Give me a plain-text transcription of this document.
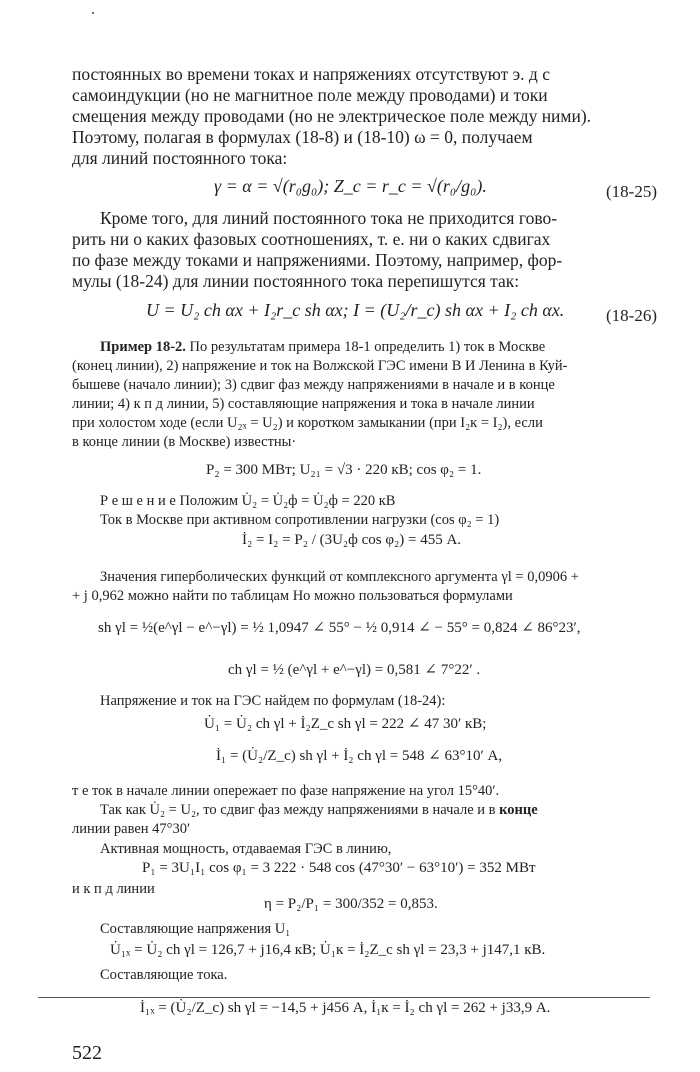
постоянных во времени токах и напряжениях отсутствуют э. д с

самоиндукции (но не магнитное поле между проводами) и токи

смещения между проводами (но не электрическое поле между ними).

Поэтому, полагая в формулах (18-8) и (18-10) ω = 0, получаем

для линий постоянного тока:

γ = α = √(r₀g₀); Z_c = r_c = √(r₀/g₀).	(18-25)

Кроме того, для линий постоянного тока не приходится гово-

рить ни о каких фазовых соотношениях, т. е. ни о каких сдвигах

по фазе между токами и напряжениями. Поэтому, например, фор-

мулы (18-24) для линии постоянного тока перепишутся так:

U = U₂ ch αx + I₂r_c sh αx; I = (U₂/r_c) sh αx + I₂ ch αx. (18-26)

Пример 18-2. По результатам примера 18-1 определить 1) ток в Москве

(конец линии), 2) напряжение и ток на Волжской ГЭС имени В И Ленина в Куй-

бышеве (начало линии); 3) сдвиг фаз между напряжениями в начале и в конце

линии; 4) к п д линии, 5) составляющие напряжения и тока в начале линии

при холостом ходе (если U₂ₓ = U₂) и коротком замыкании (при I₂к = I₂), если

в конце линии (в Москве) известны·

P₂ = 300 МВт; U₂₁ = √3 · 220 кВ; cos φ₂ = 1.

Р е ш е н и е Положим U̇₂ = U̇₂ф = U̇₂ф = 220 кВ

Ток в Москве при активном сопротивлении нагрузки (cos φ₂ = 1)

İ₂ = I₂ = P₂ / (3U₂ф cos φ₂) = 455 А.

Значения гиперболических функций от комплексного аргумента γl = 0,0906 +

+ j 0,962 можно найти по таблицам Но можно пользоваться формулами

sh γl = ½(e^γl − e^−γl) = ½ 1,0947 ∠ 55° − ½ 0,914 ∠ − 55° = 0,824 ∠ 86°23′,
ch γl = ½ (e^γl + e^−γl) = 0,581 ∠ 7°22′ .

Напряжение и ток на ГЭС найдем по формулам (18-24):

U̇₁ = U̇₂ ch γl + İ₂Z_c sh γl = 222 ∠ 47 30′ кВ;
İ₁ = (U̇₂/Z_c) sh γl + İ₂ ch γl = 548 ∠ 63°10′ А,

т е ток в начале линии опережает по фазе напряжение на угол 15°40′.

Так как U̇₂ = U₂, то сдвиг фаз между напряжениями в начале и в конце

линии равен 47°30′

Активная мощность, отдаваемая ГЭС в линию,

P₁ = 3U₁I₁ cos φ₁ = 3 222 · 548 cos (47°30′ − 63°10′) = 352 МВт

и к п д линии

η = P₂/P₁ = 300/352 = 0,853.

Составляющие напряжения U₁

U̇₁ₓ = U̇₂ ch γl = 126,7 + j16,4 кВ; U̇₁к = İ₂Z_c sh γl = 23,3 + j147,1 кВ.

Составляющие тока.

İ₁ₓ = (U̇₂/Z_c) sh γl = −14,5 + j456 А, İ₁к = İ₂ ch γl = 262 + j33,9 А.
522
